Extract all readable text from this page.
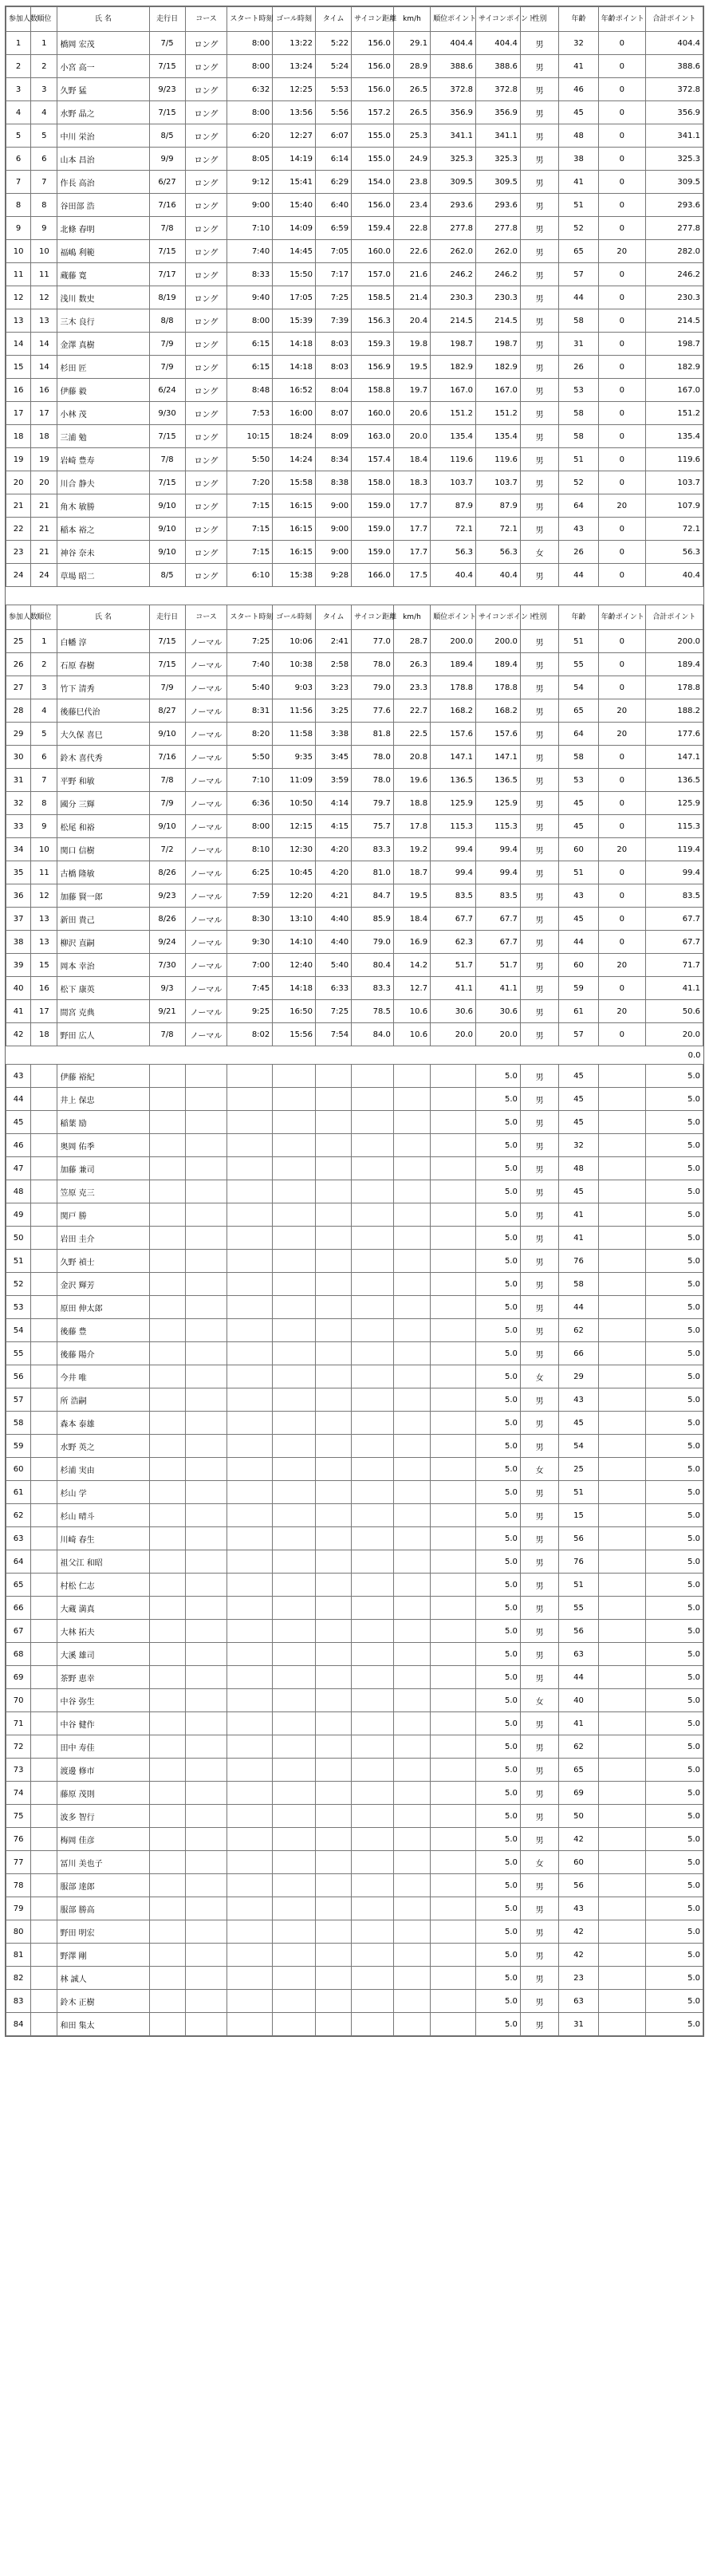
参加人数	順位	氏 名	走行日	コース	スタート時刻	ゴール時刻	タイム	サイコン距離	km/h	順位ポイント	サイコンポイント	性別	年齢	年齢ポイント	合計ポイント
1	1	橋岡 宏茂	7/5	ロング	8:00	13:22	5:22	156.0	29.1	404.4	404.4	男	32	0	404.4
2	2	小宮 高一	7/15	ロング	8:00	13:24	5:24	156.0	28.9	388.6	388.6	男	41	0	388.6
3	3	久野 猛	9/23	ロング	6:32	12:25	5:53	156.0	26.5	372.8	372.8	男	46	0	372.8
4	4	水野 晶之	7/15	ロング	8:00	13:56	5:56	157.2	26.5	356.9	356.9	男	45	0	356.9
5	5	中川 栄治	8/5	ロング	6:20	12:27	6:07	155.0	25.3	341.1	341.1	男	48	0	341.1
6	6	山本 昌治	9/9	ロング	8:05	14:19	6:14	155.0	24.9	325.3	325.3	男	38	0	325.3
7	7	作長 高治	6/27	ロング	9:12	15:41	6:29	154.0	23.8	309.5	309.5	男	41	0	309.5
8	8	谷田部 浩	7/16	ロング	9:00	15:40	6:40	156.0	23.4	293.6	293.6	男	51	0	293.6
9	9	北條 春明	7/8	ロング	7:10	14:09	6:59	159.4	22.8	277.8	277.8	男	52	0	277.8
10	10	福嶋 利範	7/15	ロング	7:40	14:45	7:05	160.0	22.6	262.0	262.0	男	65	20	282.0
11	11	蔵藤 寛	7/17	ロング	8:33	15:50	7:17	157.0	21.6	246.2	246.2	男	57	0	246.2
12	12	浅川 数史	8/19	ロング	9:40	17:05	7:25	158.5	21.4	230.3	230.3	男	44	0	230.3
13	13	三木 良行	8/8	ロング	8:00	15:39	7:39	156.3	20.4	214.5	214.5	男	58	0	214.5
14	14	金澤 真樹	7/9	ロング	6:15	14:18	8:03	159.3	19.8	198.7	198.7	男	31	0	198.7
15	14	杉田 匠	7/9	ロング	6:15	14:18	8:03	156.9	19.5	182.9	182.9	男	26	0	182.9
16	16	伊藤 毅	6/24	ロング	8:48	16:52	8:04	158.8	19.7	167.0	167.0	男	53	0	167.0
17	17	小林 茂	9/30	ロング	7:53	16:00	8:07	160.0	20.6	151.2	151.2	男	58	0	151.2
18	18	三浦 勉	7/15	ロング	10:15	18:24	8:09	163.0	20.0	135.4	135.4	男	58	0	135.4
19	19	岩崎 豊寿	7/8	ロング	5:50	14:24	8:34	157.4	18.4	119.6	119.6	男	51	0	119.6
20	20	川合 静夫	7/15	ロング	7:20	15:58	8:38	158.0	18.3	103.7	103.7	男	52	0	103.7
21	21	角木 敏勝	9/10	ロング	7:15	16:15	9:00	159.0	17.7	87.9	87.9	男	64	20	107.9
22	21	稲本 裕之	9/10	ロング	7:15	16:15	9:00	159.0	17.7	72.1	72.1	男	43	0	72.1
23	21	神谷 奈未	9/10	ロング	7:15	16:15	9:00	159.0	17.7	56.3	56.3	女	26	0	56.3
24	24	草場 昭二	8/5	ロング	6:10	15:38	9:28	166.0	17.5	40.4	40.4	男	44	0	40.4

参加人数	順位	氏 名	走行日	コース	スタート時刻	ゴール時刻	タイム	サイコン距離	km/h	順位ポイント	サイコンポイント	性別	年齢	年齢ポイント	合計ポイント
25	1	白幡 淳	7/15	ノーマル	7:25	10:06	2:41	77.0	28.7	200.0	200.0	男	51	0	200.0
26	2	石原 春樹	7/15	ノーマル	7:40	10:38	2:58	78.0	26.3	189.4	189.4	男	55	0	189.4
27	3	竹下 清秀	7/9	ノーマル	5:40	9:03	3:23	79.0	23.3	178.8	178.8	男	54	0	178.8
28	4	後藤巳代治	8/27	ノーマル	8:31	11:56	3:25	77.6	22.7	168.2	168.2	男	65	20	188.2
29	5	大久保 喜巳	9/10	ノーマル	8:20	11:58	3:38	81.8	22.5	157.6	157.6	男	64	20	177.6
30	6	鈴木 喜代秀	7/16	ノーマル	5:50	9:35	3:45	78.0	20.8	147.1	147.1	男	58	0	147.1
31	7	平野 和敏	7/8	ノーマル	7:10	11:09	3:59	78.0	19.6	136.5	136.5	男	53	0	136.5
32	8	國分 三輝	7/9	ノーマル	6:36	10:50	4:14	79.7	18.8	125.9	125.9	男	45	0	125.9
33	9	松尾 和裕	9/10	ノーマル	8:00	12:15	4:15	75.7	17.8	115.3	115.3	男	45	0	115.3
34	10	関口 信樹	7/2	ノーマル	8:10	12:30	4:20	83.3	19.2	99.4	99.4	男	60	20	119.4
35	11	古橋 隆敏	8/26	ノーマル	6:25	10:45	4:20	81.0	18.7	99.4	99.4	男	51	0	99.4
36	12	加藤 賢一郎	9/23	ノーマル	7:59	12:20	4:21	84.7	19.5	83.5	83.5	男	43	0	83.5
37	13	新田 貴己	8/26	ノーマル	8:30	13:10	4:40	85.9	18.4	67.7	67.7	男	45	0	67.7
38	13	柳沢 直嗣	9/24	ノーマル	9:30	14:10	4:40	79.0	16.9	62.3	67.7	男	44	0	67.7
39	15	岡本 幸治	7/30	ノーマル	7:00	12:40	5:40	80.4	14.2	51.7	51.7	男	60	20	71.7
40	16	松下 康英	9/3	ノーマル	7:45	14:18	6:33	83.3	12.7	41.1	41.1	男	59	0	41.1
41	17	間宮 克典	9/21	ノーマル	9:25	16:50	7:25	78.5	10.6	30.6	30.6	男	61	20	50.6
42	18	野田 広人	7/8	ノーマル	8:02	15:56	7:54	84.0	10.6	20.0	20.0	男	57	0	20.0
															0.0
43		伊藤 裕紀									5.0	男	45		5.0
44		井上 保忠									5.0	男	45		5.0
45		稲葉 励									5.0	男	45		5.0
46		奥岡 佑季									5.0	男	32		5.0
47		加藤 兼司									5.0	男	48		5.0
48		笠原 克三									5.0	男	45		5.0
49		関戸 勝									5.0	男	41		5.0
50		岩田 圭介									5.0	男	41		5.0
51		久野 禎士									5.0	男	76		5.0
52		金沢 輝芳									5.0	男	58		5.0
53		原田 伸太郎									5.0	男	44		5.0
54		後藤 豊									5.0	男	62		5.0
55		後藤 陽介									5.0	男	66		5.0
56		今井 唯									5.0	女	29		5.0
57		所 浩嗣									5.0	男	43		5.0
58		森本 泰雄									5.0	男	45		5.0
59		水野 英之									5.0	男	54		5.0
60		杉浦 実由									5.0	女	25		5.0
61		杉山 学									5.0	男	51		5.0
62		杉山 晴斗									5.0	男	15		5.0
63		川崎 春生									5.0	男	56		5.0
64		祖父江 和昭									5.0	男	76		5.0
65		村松 仁志									5.0	男	51		5.0
66		大蔵 満真									5.0	男	55		5.0
67		大林 拓夫									5.0	男	56		5.0
68		大溪 雄司									5.0	男	63		5.0
69		茶野 恵幸									5.0	男	44		5.0
70		中谷 弥生									5.0	女	40		5.0
71		中谷 健作									5.0	男	41		5.0
72		田中 寿佳									5.0	男	62		5.0
73		渡邊 修市									5.0	男	65		5.0
74		藤原 茂則									5.0	男	69		5.0
75		波多 智行									5.0	男	50		5.0
76		梅岡 佳彦									5.0	男	42		5.0
77		冨川 美也子									5.0	女	60		5.0
78		服部 達郎									5.0	男	56		5.0
79		服部 勝高									5.0	男	43		5.0
80		野田 明宏									5.0	男	42		5.0
81		野澤 剛									5.0	男	42		5.0
82		林 誠人									5.0	男	23		5.0
83		鈴木 正樹									5.0	男	63		5.0
84		和田 集太									5.0	男	31		5.0
